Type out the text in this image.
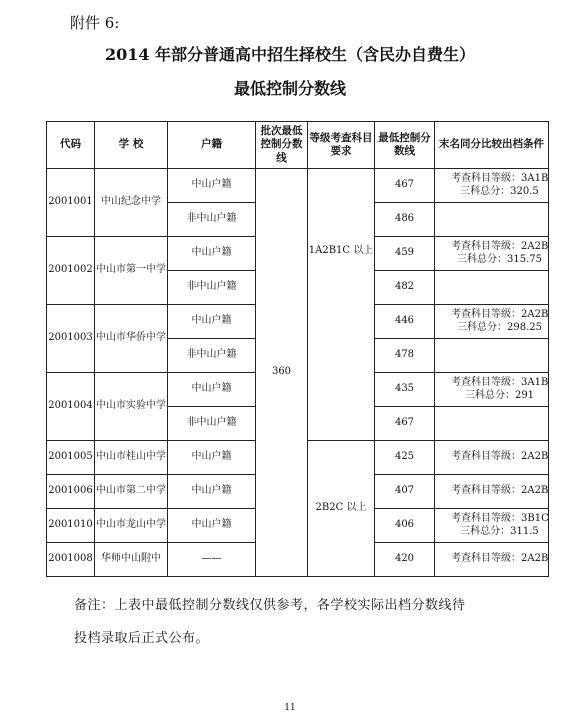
附件 6:
2014 年部分普通高中招生择校生（含民办自费生）
最低控制分数线
代码	学 校	户籍	批次最低控制分数线	等级考查科目要求	最低控制分数线	末名同分比较出档条件
2001001	中山纪念中学	中山户籍	360	1A2B1C 以上	467	考查科目等级：3A1B
三科总分：320.5

		非中山户籍			486	
2001002	中山市第一中学	中山户籍			459	考查科目等级：2A2B
三科总分：315.75

		非中山户籍			482	
2001003	中山市华侨中学	中山户籍			446	考查科目等级：2A2B
三科总分：298.25

		非中山户籍			478	
2001004	中山市实验中学	中山户籍			435	考查科目等级：3A1B
三科总分：291

		非中山户籍			467	
2001005	中山市桂山中学	中山户籍		2B2C 以上	425	考查科目等级：2A2B

2001006	中山市第二中学	中山户籍			407	考查科目等级：2A2B

2001010	中山市龙山中学	中山户籍			406	考查科目等级：3B1C
三科总分：311.5

2001008	华师中山附中	——			420	考查科目等级：2A2B
备注：上表中最低控制分数线仅供参考，各学校实际出档分数线待
投档录取后正式公布。
11
